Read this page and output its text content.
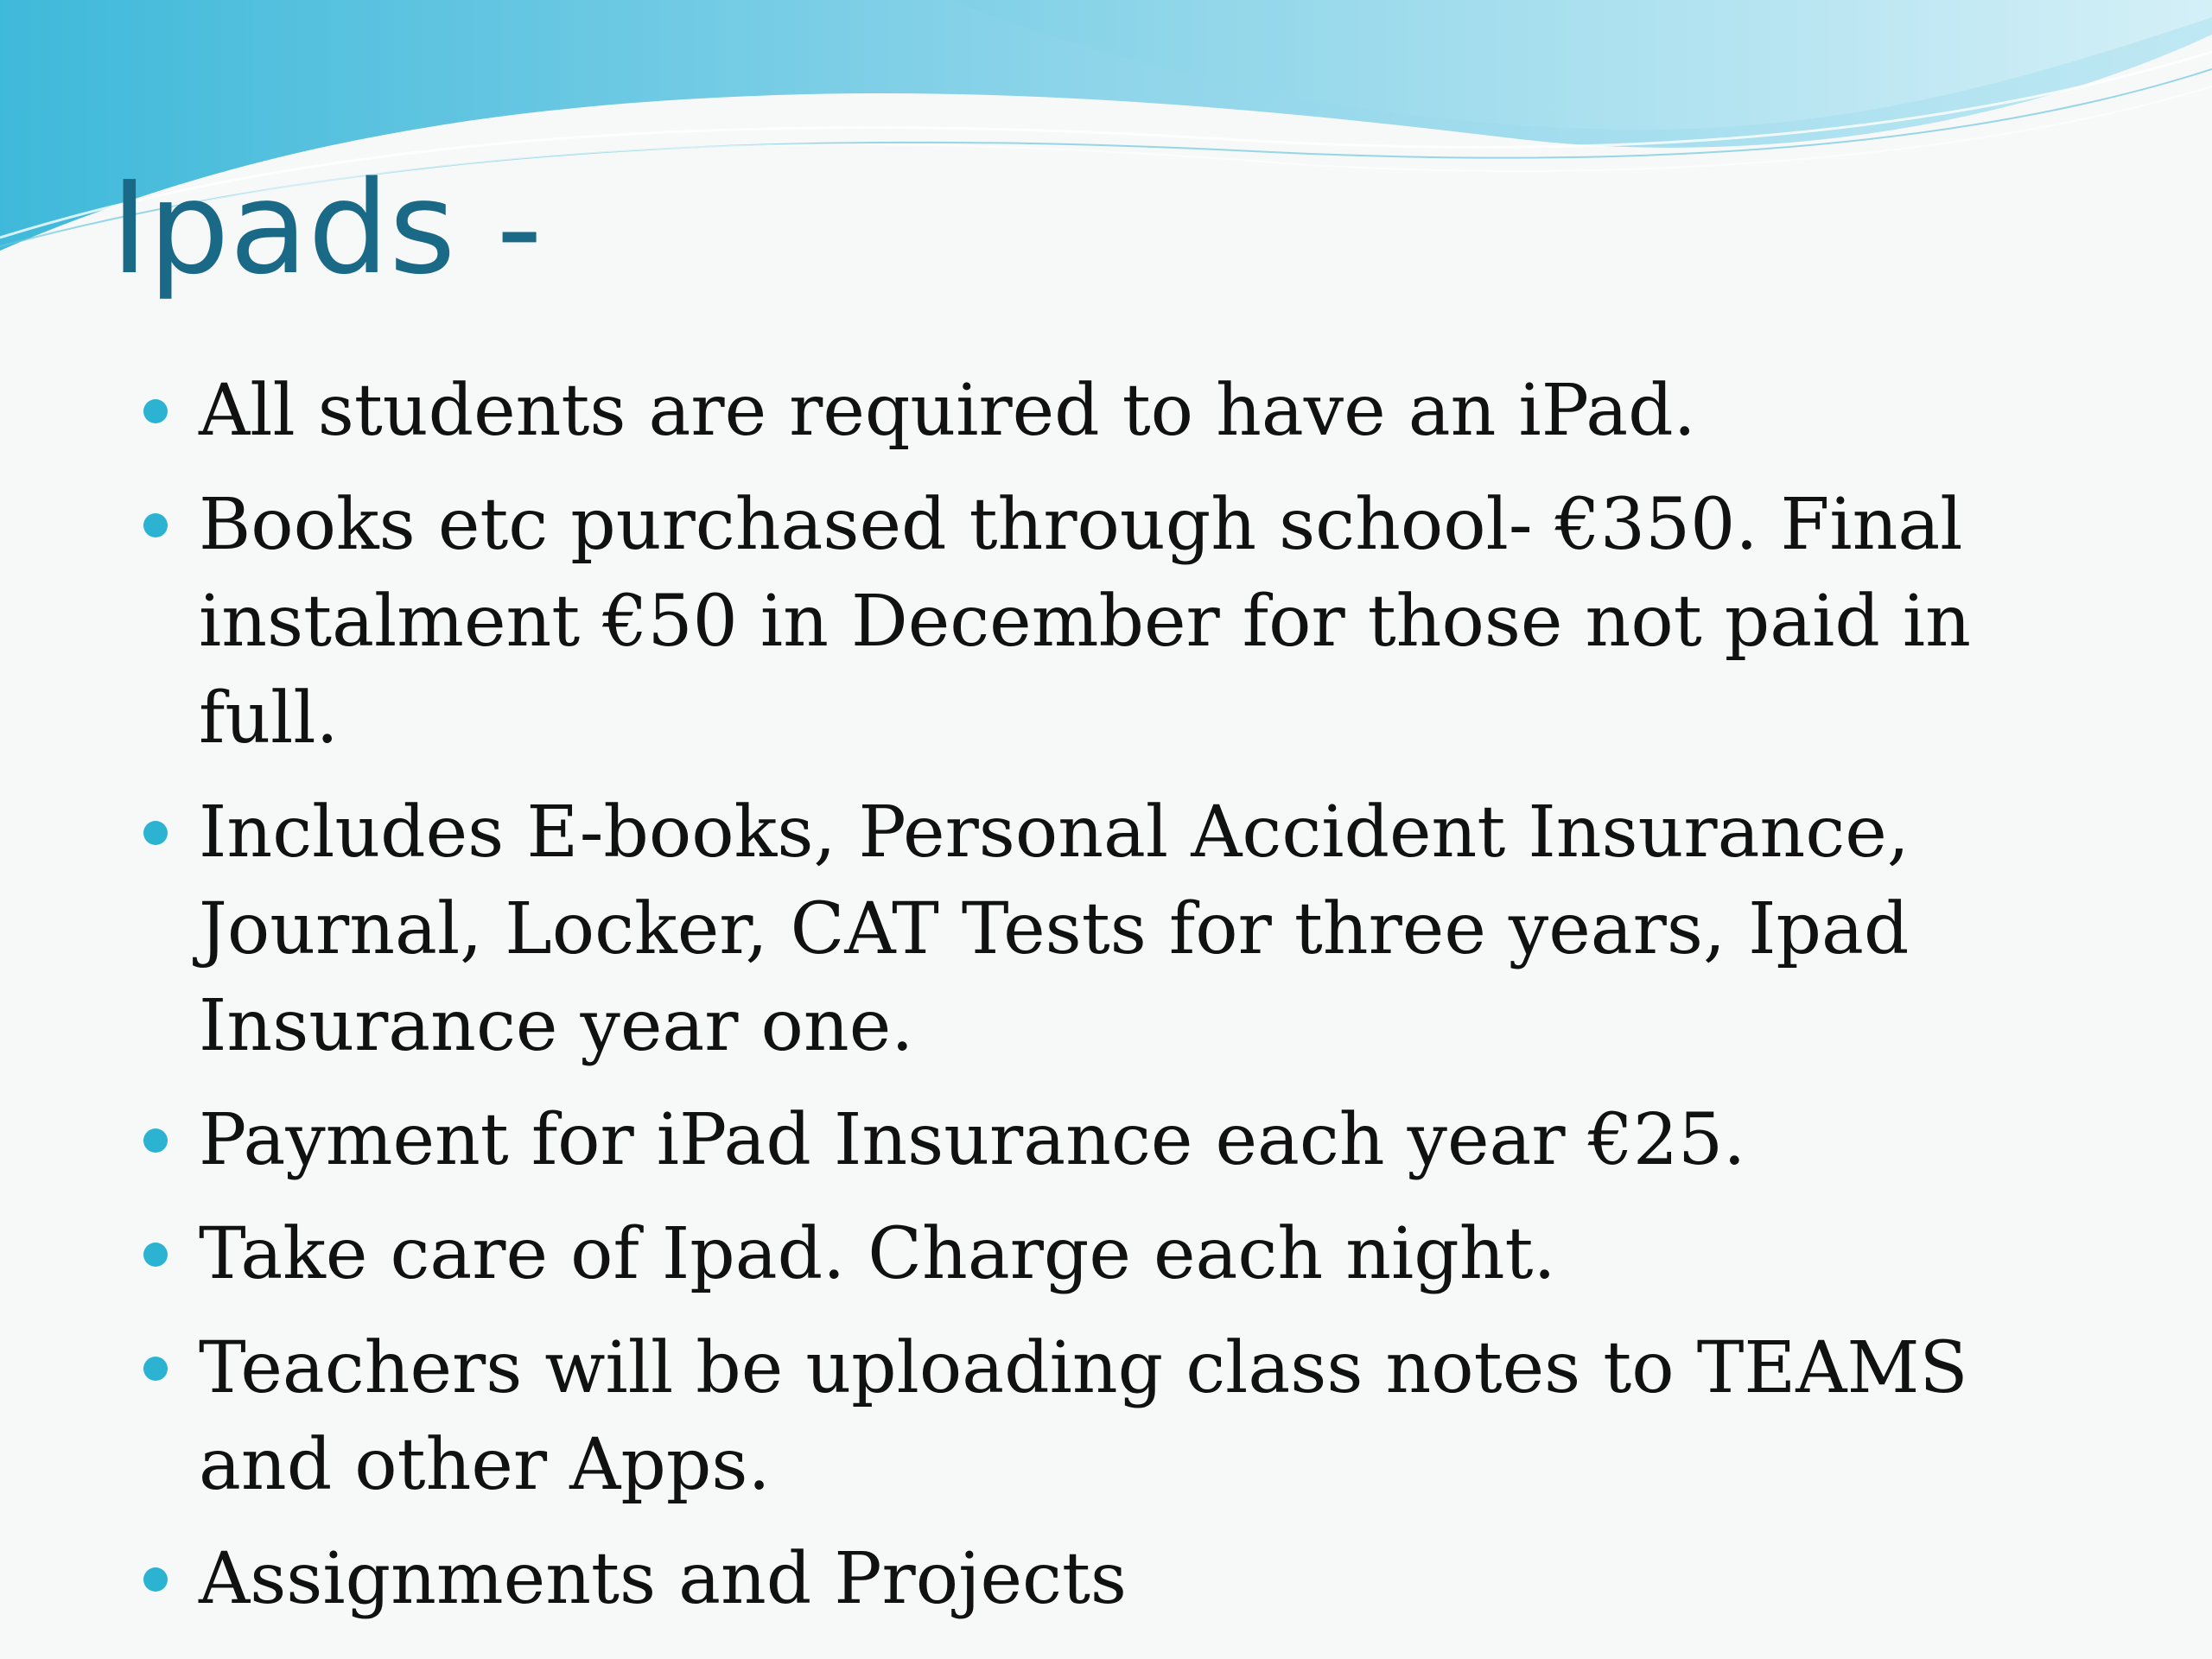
Ipads -
All students are required to have an iPad.
Books etc purchased through school- €350. Final instalment €50 in December for those not paid in full.
Includes E-books, Personal Accident Insurance, Journal, Locker, CAT Tests for three years, Ipad Insurance year one.
Payment for iPad Insurance each year €25.
Take care of Ipad. Charge each night.
Teachers will be uploading class notes to TEAMS and other Apps.
Assignments and Projects
